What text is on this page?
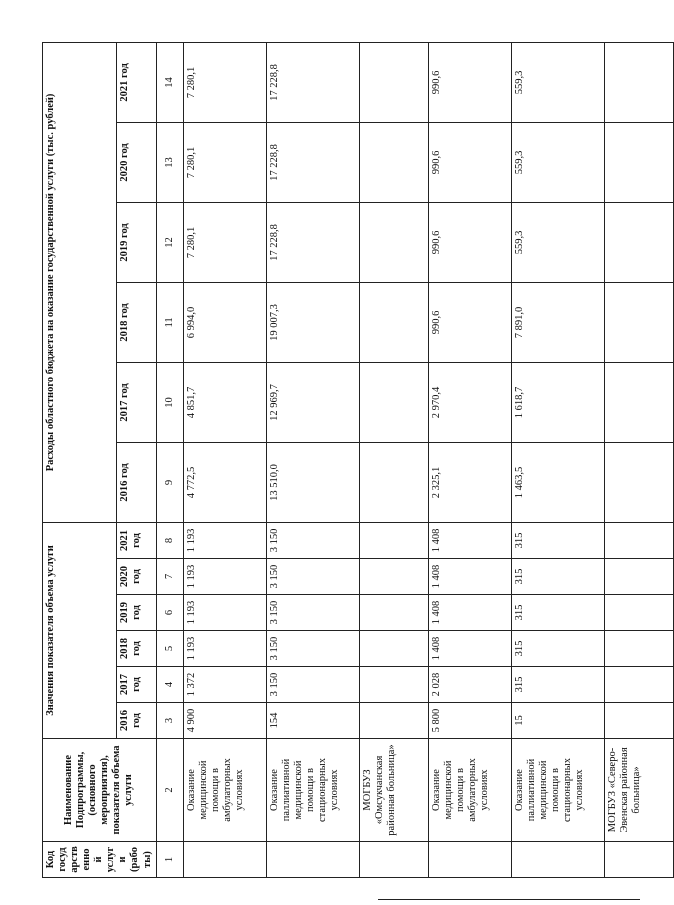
Код госуд арств енно й услуг и (рабо ты)	Наименование Подпрограммы, (основного мероприятия), показателя объема услуги	Значения показателя объема услуги						Расходы областного бюджета на оказание государственной услуги (тыс. рублей)					
		2016 год	2017 год	2018 год	2019 год	2020 год	2021 год	2016 год	2017 год	2018 год	2019 год	2020 год	2021 год
1	2	3	4	5	6	7	8	9	10	11	12	13	14
	Оказание медицинской помощи в амбулаторных условиях	4 900	1 372	1 193	1 193	1 193	1 193	4 772,5	4 851,7	6 994,0	7 280,1	7 280,1	7 280,1
	Оказание паллиативной медицинской помощи в стационарных условиях	154	3 150	3 150	3 150	3 150	3 150	13 510,0	12 969,7	19 007,3	17 228,8	17 228,8	17 228,8
	МОГБУЗ «Омсукчанская районная больница»												
	Оказание медицинской помощи в амбулаторных условиях	5 800	2 028	1 408	1 408	1 408	1 408	2 325,1	2 970,4	990,6	990,6	990,6	990,6
	Оказание паллиативной медицинской помощи в стационарных условиях	15	315	315	315	315	315	1 463,5	1 618,7	7 891,0	559,3	559,3	559,3
	МОГБУЗ «Северо-Эвенская районная больница»												
